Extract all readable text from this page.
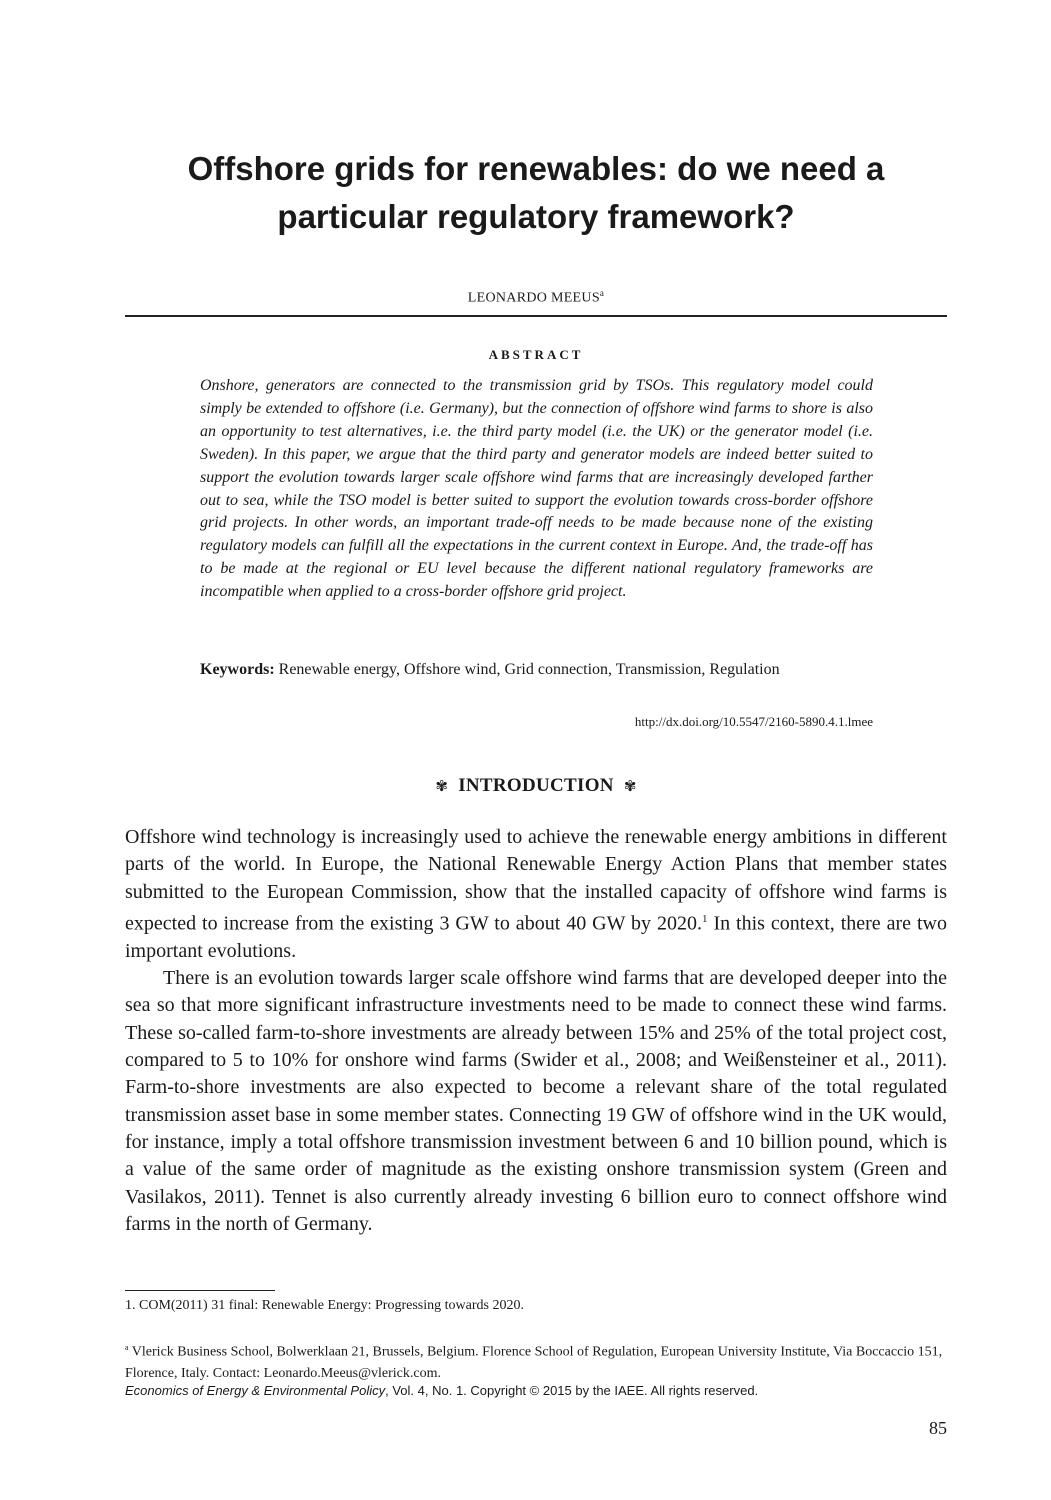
Offshore grids for renewables: do we need a
particular regulatory framework?
LEONARDO MEEUS$^a$
ABSTRACT
Onshore, generators are connected to the transmission grid by TSOs. This regulatory model could simply be extended to offshore (i.e. Germany), but the connection of offshore wind farms to shore is also an opportunity to test alternatives, i.e. the third party model (i.e. the UK) or the generator model (i.e. Sweden). In this paper, we argue that the third party and generator models are indeed better suited to support the evolution towards larger scale offshore wind farms that are increasingly developed farther out to sea, while the TSO model is better suited to support the evolution towards cross-border offshore grid projects. In other words, an important trade-off needs to be made because none of the existing regulatory models can fulfill all the expectations in the current context in Europe. And, the trade-off has to be made at the regional or EU level because the different national regulatory frameworks are incompatible when applied to a cross-border offshore grid project.
Keywords: Renewable energy, Offshore wind, Grid connection, Transmission, Regulation
http://dx.doi.org/10.5547/2160-5890.4.1.lmee
✾ INTRODUCTION ✾

Offshore wind technology is increasingly used to achieve the renewable energy ambitions in different parts of the world. In Europe, the National Renewable Energy Action Plans that member states submitted to the European Commission, show that the installed capacity of offshore wind farms is expected to increase from the existing 3 GW to about 40 GW by 2020.$^1$ In this context, there are two important evolutions.

There is an evolution towards larger scale offshore wind farms that are developed deeper into the sea so that more significant infrastructure investments need to be made to connect these wind farms. These so-called farm-to-shore investments are already between 15% and 25% of the total project cost, compared to 5 to 10% for onshore wind farms (Swider et al., 2008; and Weißensteiner et al., 2011). Farm-to-shore investments are also expected to become a relevant share of the total regulated transmission asset base in some member states. Connecting 19 GW of offshore wind in the UK would, for instance, imply a total offshore transmission investment between 6 and 10 billion pound, which is a value of the same order of magnitude as the existing onshore transmission system (Green and Vasilakos, 2011). Tennet is also currently already investing 6 billion euro to connect offshore wind farms in the north of Germany.

1. COM(2011) 31 final: Renewable Energy: Progressing towards 2020.
$^a$ Vlerick Business School, Bolwerklaan 21, Brussels, Belgium. Florence School of Regulation, European University Institute, Via Boccaccio 151, Florence, Italy. Contact: Leonardo.Meeus@vlerick.com.
Economics of Energy & Environmental Policy, Vol. 4, No. 1. Copyright © 2015 by the IAEE. All rights reserved.
85
